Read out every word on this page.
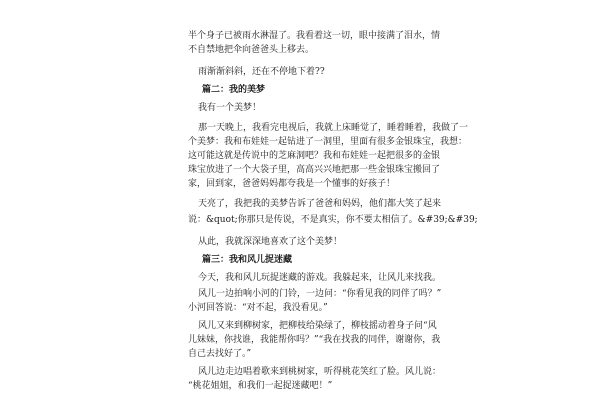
半个身子已被雨水淋湿了。我看着这一切，眼中接满了泪水，情
不自禁地把伞向爸爸头上移去。
雨渐渐斜斜，还在不停地下着??
篇二：我的美梦
我有一个美梦！
那一天晚上，我看完电视后，我就上床睡觉了，睡着睡着，我做了一
个美梦：我和布娃娃一起钻进了一洞里，里面有很多金银珠宝，我想：
这可能这就是传说中的芝麻洞吧？我和布娃娃一起把很多的金银
珠宝放进了一个大袋子里，高高兴兴地把那一些金银珠宝搬回了
家，回到家，爸爸妈妈都夸我是一个懂事的好孩子！
天亮了，我把我的美梦告诉了爸爸和妈妈，他们都大笑了起来
说：&quot;你那只是传说，不是真实，你不要太相信了。&#39;&#39;
从此，我就深深地喜欢了这个美梦！
篇三：我和风儿捉迷藏
今天，我和风儿玩捉迷藏的游戏。我躲起来，让风儿来找我。
风儿一边拍响小河的门铃，一边问：“你看见我的同伴了吗？”
小河回答说：“对不起，我没看见。”
风儿又来到柳树家，把柳枝给染绿了，柳枝摇动着身子问“风
儿妹妹，你找谁，我能帮你吗？”“我在找我的同伴，谢谢你，我
自己去找好了。”
风儿边走边唱着歌来到桃树家，听得桃花笑红了脸。风儿说：
“桃花姐姐，和我们一起捉迷藏吧！”
